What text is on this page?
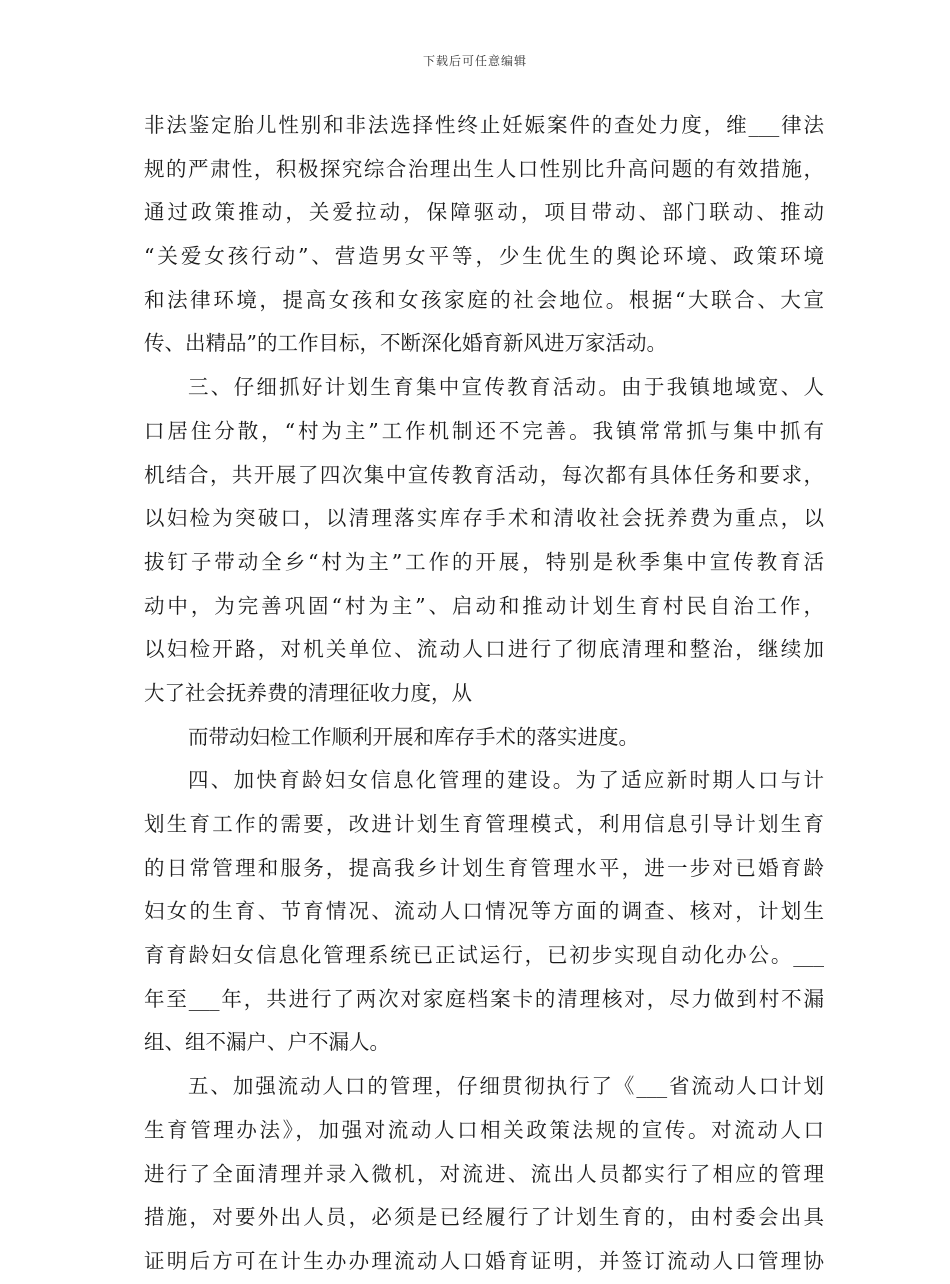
下载后可任意编辑
非法鉴定胎儿性别和非法选择性终止妊娠案件的查处力度，维___律法
规的严肃性，积极探究综合治理出生人口性别比升高问题的有效措施，
通过政策推动，关爱拉动，保障驱动，项目带动、部门联动、推动
“关爱女孩行动”、营造男女平等，少生优生的舆论环境、政策环境
和法律环境，提高女孩和女孩家庭的社会地位。根据“大联合、大宣
传、出精品”的工作目标，不断深化婚育新风进万家活动。
三、仔细抓好计划生育集中宣传教育活动。由于我镇地域宽、人
口居住分散，“村为主”工作机制还不完善。我镇常常抓与集中抓有
机结合，共开展了四次集中宣传教育活动，每次都有具体任务和要求，
以妇检为突破口，以清理落实库存手术和清收社会抚养费为重点，以
拔钉子带动全乡“村为主”工作的开展，特别是秋季集中宣传教育活
动中，为完善巩固“村为主”、启动和推动计划生育村民自治工作，
以妇检开路，对机关单位、流动人口进行了彻底清理和整治，继续加
大了社会抚养费的清理征收力度，从
而带动妇检工作顺利开展和库存手术的落实进度。
四、加快育龄妇女信息化管理的建设。为了适应新时期人口与计
划生育工作的需要，改进计划生育管理模式，利用信息引导计划生育
的日常管理和服务，提高我乡计划生育管理水平，进一步对已婚育龄
妇女的生育、节育情况、流动人口情况等方面的调查、核对，计划生
育育龄妇女信息化管理系统已正试运行，已初步实现自动化办公。___
年至___年，共进行了两次对家庭档案卡的清理核对，尽力做到村不漏
组、组不漏户、户不漏人。
五、加强流动人口的管理，仔细贯彻执行了《___省流动人口计划
生育管理办法》，加强对流动人口相关政策法规的宣传。对流动人口
进行了全面清理并录入微机，对流进、流出人员都实行了相应的管理
措施，对要外出人员，必须是已经履行了计划生育的，由村委会出具
证明后方可在计生办办理流动人口婚育证明，并签订流动人口管理协
